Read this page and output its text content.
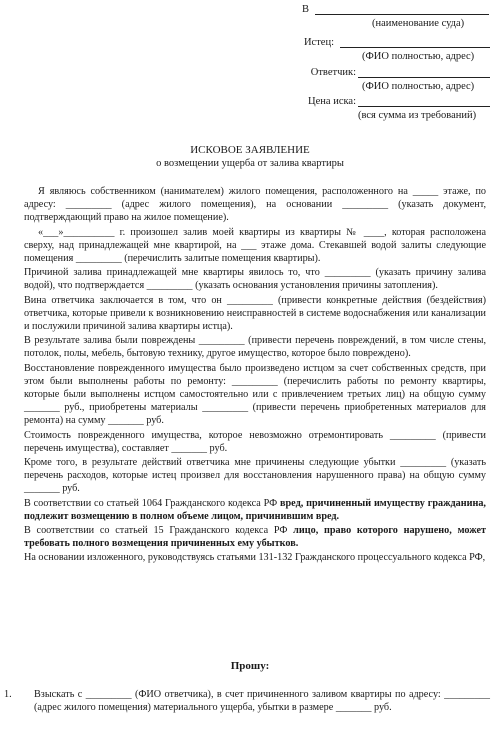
В
(наименование суда)
Истец:
(ФИО полностью, адрес)
Ответчик:
(ФИО полностью, адрес)
Цена иска:
(вся сумма из требований)
ИСКОВОЕ ЗАЯВЛЕНИЕ
о возмещении ущерба от залива квартиры

Я являюсь собственником (нанимателем) жилого помещения, расположенного на _____ этаже, по адресу: _________ (адрес жилого помещения), на основании _________ (указать документ, подтверждающий право на жилое помещение).

«___»__________ г. произошел залив моей квартиры из квартиры № ____, которая расположена сверху, над принадлежащей мне квартирой, на ___ этаже дома. Стекавшей водой залиты следующие помещения _________ (перечислить залитые помещения квартиры).

Причиной залива принадлежащей мне квартиры явилось то, что _________ (указать причину залива водой), что подтверждается _________ (указать основания установления причины затопления).

Вина ответчика заключается в том, что он _________ (привести конкретные действия (бездействия) ответчика, которые привели к возникновению неисправностей в системе водоснабжения или канализации и послужили причиной залива квартиры истца).

В результате залива были повреждены _________ (привести перечень повреждений, в том числе стены, потолок, полы, мебель, бытовую технику, другое имущество, которое было повреждено).

Восстановление поврежденного имущества было произведено истцом за счет собственных средств, при этом были выполнены работы по ремонту: _________ (перечислить работы по ремонту квартиры, которые были выполнены истцом самостоятельно или с привлечением третьих лиц) на общую сумму _______ руб., приобретены материалы _________ (привести перечень приобретенных материалов для ремонта) на сумму _______ руб.

Стоимость поврежденного имущества, которое невозможно отремонтировать _________ (привести перечень имущества), составляет _______ руб.

Кроме того, в результате действий ответчика мне причинены следующие убытки _________ (указать перечень расходов, которые истец произвел для восстановления нарушенного права) на общую сумму _______ руб.

В соответствии со статьей 1064 Гражданского кодекса РФ вред, причиненный имуществу гражданина, подлежит возмещению в полном объеме лицом, причинившим вред.

В соответствии со статьей 15 Гражданского кодекса РФ лицо, право которого нарушено, может требовать полного возмещения причиненных ему убытков.

На основании изложенного, руководствуясь статьями 131-132 Гражданского процессуального кодекса РФ,

Прошу:
1. Взыскать с _________ (ФИО ответчика), в счет причиненного заливом квартиры по адресу: _________ (адрес жилого помещения) материального ущерба, убытки в размере _______ руб.
